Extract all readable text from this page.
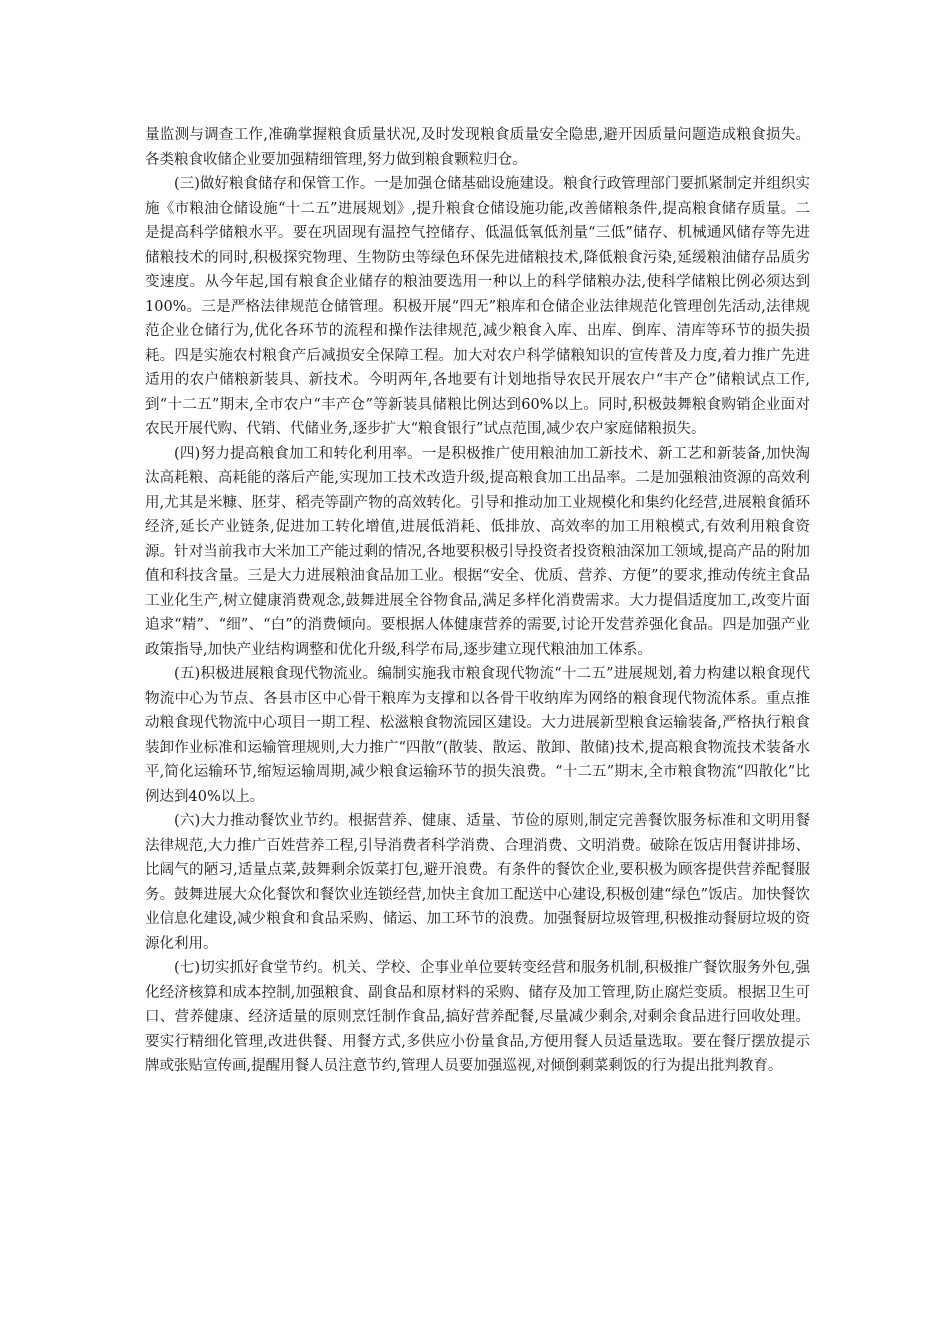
量监测与调查工作,准确掌握粮食质量状况,及时发现粮食质量安全隐患,避开因质量问题造成粮食损失。各类粮食收储企业要加强精细管理,努力做到粮食颗粒归仓。

(三)做好粮食储存和保管工作。一是加强仓储基础设施建设。粮食行政管理部门要抓紧制定并组织实施《市粮油仓储设施“十二五”进展规划》,提升粮食仓储设施功能,改善储粮条件,提高粮食储存质量。二是提高科学储粮水平。要在巩固现有温控气控储存、低温低氧低剂量“三低”储存、机械通风储存等先进储粮技术的同时,积极探究物理、生物防虫等绿色环保先进储粮技术,降低粮食污染,延缓粮油储存品质劣变速度。从今年起,国有粮食企业储存的粮油要选用一种以上的科学储粮办法,使科学储粮比例必须达到100%。三是严格法律规范仓储管理。积极开展“四无”粮库和仓储企业法律规范化管理创先活动,法律规范企业仓储行为,优化各环节的流程和操作法律规范,减少粮食入库、出库、倒库、清库等环节的损失损耗。四是实施农村粮食产后减损安全保障工程。加大对农户科学储粮知识的宣传普及力度,着力推广先进适用的农户储粮新装具、新技术。今明两年,各地要有计划地指导农民开展农户“丰产仓”储粮试点工作,到“十二五”期末,全市农户“丰产仓”等新装具储粮比例达到60%以上。同时,积极鼓舞粮食购销企业面对农民开展代购、代销、代储业务,逐步扩大“粮食银行”试点范围,减少农户家庭储粮损失。

(四)努力提高粮食加工和转化利用率。一是积极推广使用粮油加工新技术、新工艺和新装备,加快淘汰高耗粮、高耗能的落后产能,实现加工技术改造升级,提高粮食加工出品率。二是加强粮油资源的高效利用,尤其是米糠、胚芽、稻壳等副产物的高效转化。引导和推动加工业规模化和集约化经营,进展粮食循环经济,延长产业链条,促进加工转化增值,进展低消耗、低排放、高效率的加工用粮模式,有效利用粮食资源。针对当前我市大米加工产能过剩的情况,各地要积极引导投资者投资粮油深加工领域,提高产品的附加值和科技含量。三是大力进展粮油食品加工业。根据“安全、优质、营养、方便”的要求,推动传统主食品工业化生产,树立健康消费观念,鼓舞进展全谷物食品,满足多样化消费需求。大力提倡适度加工,改变片面追求“精”、“细”、“白”的消费倾向。要根据人体健康营养的需要,讨论开发营养强化食品。四是加强产业政策指导,加快产业结构调整和优化升级,科学布局,逐步建立现代粮油加工体系。

(五)积极进展粮食现代物流业。编制实施我市粮食现代物流“十二五”进展规划,着力构建以粮食现代物流中心为节点、各县市区中心骨干粮库为支撑和以各骨干收纳库为网络的粮食现代物流体系。重点推动粮食现代物流中心项目一期工程、松滋粮食物流园区建设。大力进展新型粮食运输装备,严格执行粮食装卸作业标准和运输管理规则,大力推广“四散”(散装、散运、散卸、散储)技术,提高粮食物流技术装备水平,简化运输环节,缩短运输周期,减少粮食运输环节的损失浪费。“十二五”期末,全市粮食物流“四散化”比例达到40%以上。

(六)大力推动餐饮业节约。根据营养、健康、适量、节俭的原则,制定完善餐饮服务标准和文明用餐法律规范,大力推广百姓营养工程,引导消费者科学消费、合理消费、文明消费。破除在饭店用餐讲排场、比阔气的陋习,适量点菜,鼓舞剩余饭菜打包,避开浪费。有条件的餐饮企业,要积极为顾客提供营养配餐服务。鼓舞进展大众化餐饮和餐饮业连锁经营,加快主食加工配送中心建设,积极创建“绿色”饭店。加快餐饮业信息化建设,减少粮食和食品采购、储运、加工环节的浪费。加强餐厨垃圾管理,积极推动餐厨垃圾的资源化利用。

(七)切实抓好食堂节约。机关、学校、企事业单位要转变经营和服务机制,积极推广餐饮服务外包,强化经济核算和成本控制,加强粮食、副食品和原材料的采购、储存及加工管理,防止腐烂变质。根据卫生可口、营养健康、经济适量的原则烹饪制作食品,搞好营养配餐,尽量减少剩余,对剩余食品进行回收处理。要实行精细化管理,改进供餐、用餐方式,多供应小份量食品,方便用餐人员适量选取。要在餐厅摆放提示牌或张贴宣传画,提醒用餐人员注意节约,管理人员要加强巡视,对倾倒剩菜剩饭的行为提出批判教育。
